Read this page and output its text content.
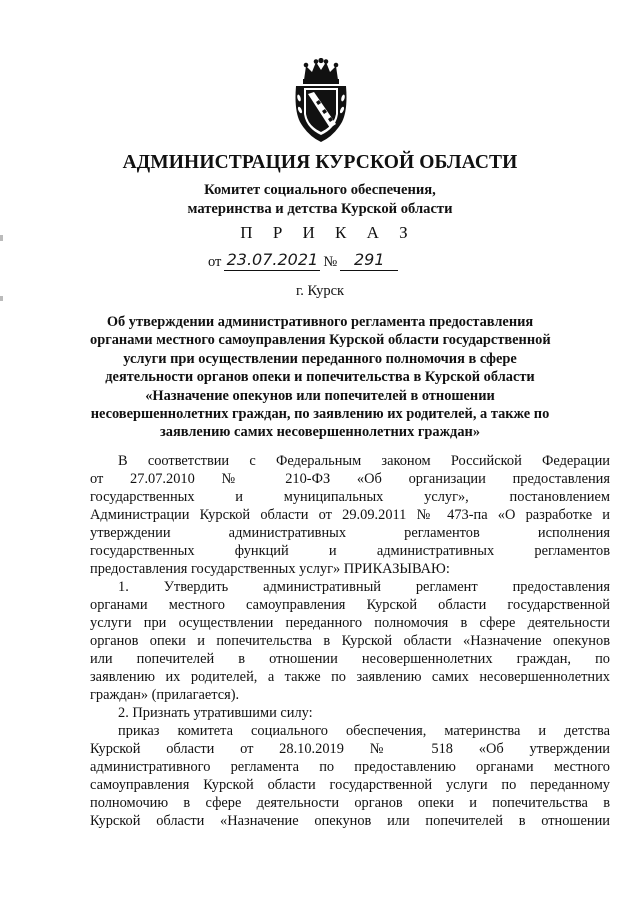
АДМИНИСТРАЦИЯ КУРСКОЙ ОБЛАСТИ
Комитет социального обеспечения,
материнства и детства Курской области
П Р И К А З
от 23.07.2021 № 291
г. Курск
Об утверждении административного регламента предоставления
органами местного самоуправления Курской области государственной
услуги при осуществлении переданного полномочия в сфере
деятельности органов опеки и попечительства в Курской области
«Назначение опекунов или попечителей в отношении
несовершеннолетних граждан, по заявлению их родителей, а также по
заявлению самих несовершеннолетних граждан»
В соответствии с Федеральным законом Российской Федерации
от 27.07.2010 № 210-ФЗ «Об организации предоставления
государственных и муниципальных услуг», постановлением
Администрации Курской области от 29.09.2011 № 473-па «О разработке и
утверждении административных регламентов исполнения
государственных функций и административных регламентов
предоставления государственных услуг» ПРИКАЗЫВАЮ:
1. Утвердить административный регламент предоставления
органами местного самоуправления Курской области государственной
услуги при осуществлении переданного полномочия в сфере деятельности
органов опеки и попечительства в Курской области «Назначение опекунов
или попечителей в отношении несовершеннолетних граждан, по
заявлению их родителей, а также по заявлению самих несовершеннолетних
граждан» (прилагается).
2. Признать утратившими силу:
приказ комитета социального обеспечения, материнства и детства
Курской области от 28.10.2019 № 518 «Об утверждении
административного регламента по предоставлению органами местного
самоуправления Курской области государственной услуги по переданному
полномочию в сфере деятельности органов опеки и попечительства в
Курской области «Назначение опекунов или попечителей в отношении
